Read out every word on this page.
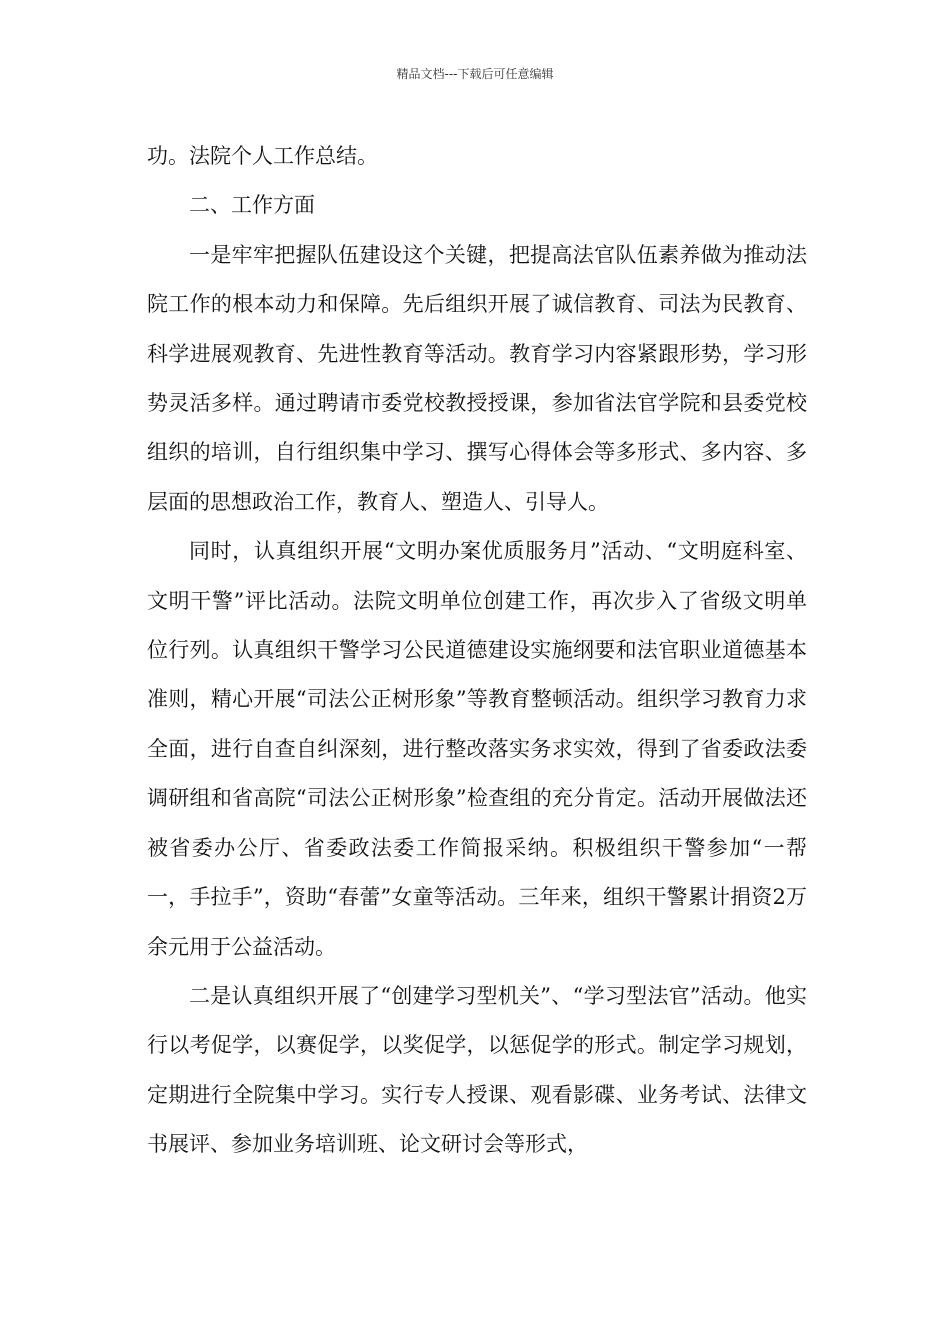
精品文档---下载后可任意编辑

功。法院个人工作总结。

二、工作方面

一是牢牢把握队伍建设这个关键，把提高法官队伍素养做为推动法院工作的根本动力和保障。先后组织开展了诚信教育、司法为民教育、科学进展观教育、先进性教育等活动。教育学习内容紧跟形势，学习形势灵活多样。通过聘请市委党校教授授课，参加省法官学院和县委党校组织的培训，自行组织集中学习、撰写心得体会等多形式、多内容、多层面的思想政治工作，教育人、塑造人、引导人。

同时，认真组织开展“文明办案优质服务月”活动、“文明庭科室、文明干警”评比活动。法院文明单位创建工作，再次步入了省级文明单位行列。认真组织干警学习公民道德建设实施纲要和法官职业道德基本准则，精心开展“司法公正树形象”等教育整顿活动。组织学习教育力求全面，进行自查自纠深刻，进行整改落实务求实效，得到了省委政法委调研组和省高院“司法公正树形象”检查组的充分肯定。活动开展做法还被省委办公厅、省委政法委工作简报采纳。积极组织干警参加“一帮一，手拉手”，资助“春蕾”女童等活动。三年来，组织干警累计捐资2万余元用于公益活动。

二是认真组织开展了“创建学习型机关”、“学习型法官”活动。他实行以考促学，以赛促学，以奖促学，以惩促学的形式。制定学习规划，定期进行全院集中学习。实行专人授课、观看影碟、业务考试、法律文书展评、参加业务培训班、论文研讨会等形式，
